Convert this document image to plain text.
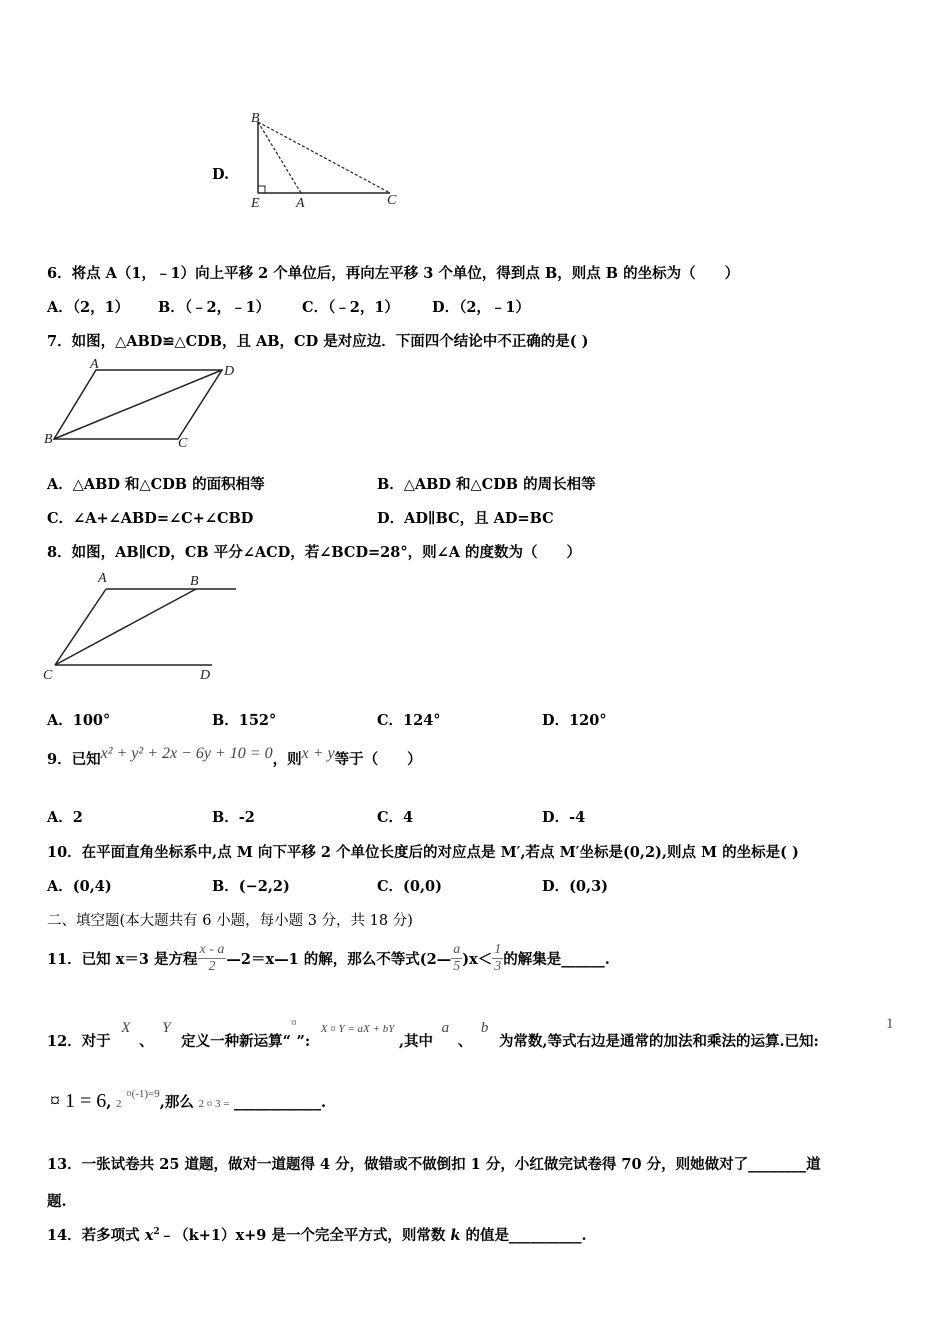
D.
B
E	A	C
6．将点 A（1，﹣1）向上平移 2 个单位后，再向左平移 3 个单位，得到点 B，则点 B 的坐标为（　　）
A．（2，1） B．（﹣2，﹣1） C．（﹣2，1） D．（2，﹣1）
7．如图，△ABD≌△CDB，且 AB，CD 是对应边．下面四个结论中不正确的是( )
A	D
B	C
A．△ABD 和△CDB 的面积相等	B．△ABD 和△CDB 的周长相等
C．∠A+∠ABD=∠C+∠CBD	D．AD∥BC，且 AD=BC
8．如图，AB∥CD，CB 平分∠ACD，若∠BCD=28°，则∠A 的度数为（　　）
A	B
C	D
A．100°	B．152°	C．124°	D．120°
9．已知x² + y² + 2x − 6y + 10 = 0，则x + y等于（　　）
A．2	B．-2	C．4	D．-4
10．在平面直角坐标系中,点 M 向下平移 2 个单位长度后的对应点是 M′,若点 M′坐标是(0,2),则点 M 的坐标是( )
A．(0,4)	B．(−2,2)	C．(0,0)	D．(0,3)
二、填空题(本大题共有 6 小题，每小题 3 分，共 18 分)
11．已知 x＝3 是方程 $\frac{x - a}{2}$ —2＝x—1 的解，那么不等式(2— $\frac{a}{5} )x< \frac{1}{3}$ 的解集是______.
12．对于 X 、 Y 定义一种新运算“¤”: X ¤ Y = aX + bY ,其中 a 、 b 为常数,等式右边是通常的加法和乘法的运算.已知:
1
¤ 1 = 6, 2 $^{¤(-1)=9}$,那么 2 ¤ 3 = ____________.
13．一张试卷共 25 道题，做对一道题得 4 分，做错或不做倒扣 1 分，小红做完试卷得 70 分，则她做对了________道
题.
14．若多项式 $x^2﹣(k+1)x+9$ 是一个完全平方式，则常数 k 的值是__________.
